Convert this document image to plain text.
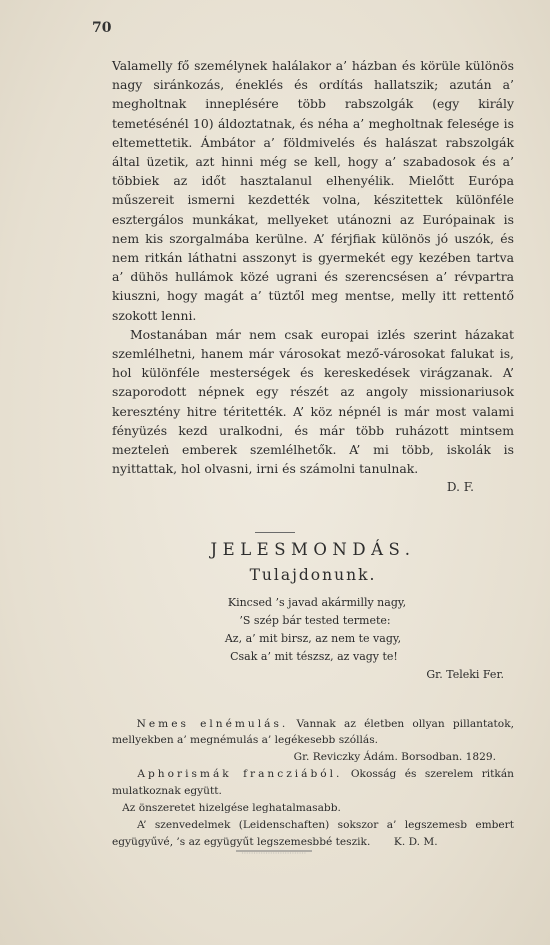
70

Valamelly fő személynek halálakor a’ házban és körüle különös nagy siránkozás, éneklés és ordítás hallatszik; azután a’ megholtnak inneplésére több rabszolgák (egy király temetésénél 10) áldoztatnak, és néha a’ megholtnak felesége is eltemettetik. Ámbátor a’ földmivelés és halászat rabszolgák által üzetik, azt hinni még se kell, hogy a’ szabadosok és a’ többiek az időt hasztalanul elhenyélik. Mielőtt Európa műszereit ismerni kezdették volna, készitettek különféle esztergálos munkákat, mellyeket utánozni az Európainak is nem kis szorgalmába kerülne. A’ férjfiak különös jó uszók, és nem ritkán láthatni asszonyt is gyermekét egy kezében tartva a’ dühös hullámok közé ugrani és szerencsésen a’ révpartra kiuszni, hogy magát a’ tüztől meg mentse, melly itt rettentő szokott lenni.

Mostanában már nem csak europai izlés szerint házakat szemlélhetni, hanem már városokat mező-városokat falukat is, hol különféle mesterségek és kereskedések virágzanak. A’ szaporodott népnek egy részét az angoly missionariusok keresztény hitre téritették. A’ köz népnél is már most valami fényüzés kezd uralkodni, és már több ruházott mintsem mezteleṅ emberek szemlélhetők. A’ mi több, iskolák is nyittattak, hol olvasni, irni és számolni tanulnak.

D. F.
JELESMONDÁS.
Tulajdonunk.
Kincsed ’s javad akármilly nagy,
’S szép bár tested termete:
Az, a’ mit birsz, az nem te vagy,
Csak a’ mit tészsz, az vagy te!
Gr. Teleki Fer.

Nemes elnémulás. Vannak az életben ollyan pillantatok, mellyekben a’ megnémulás a’ legékesebb szóllás.

Gr. Reviczky Ádám. Borsodban. 1829.

Aphorismák francziából. Okosság és szerelem ritkán mulatkoznak együtt.

Az önszeretet hizelgése leghatalmasabb.

A’ szenvedelmek (Leidenschaften) sokszor a’ legszemesb embert együgyűvé, ’s az együgyűt legszemesbbé teszik. K. D. M.
